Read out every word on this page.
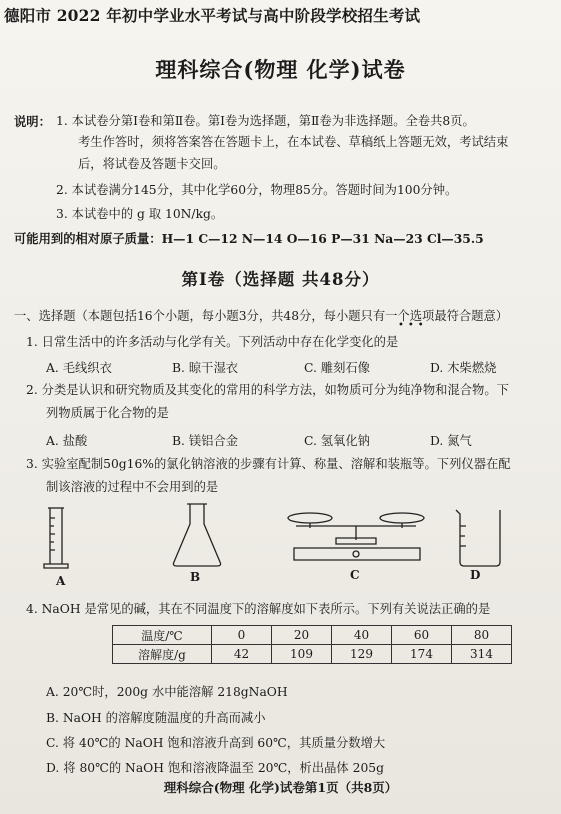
德阳市 2022 年初中学业水平考试与高中阶段学校招生考试
理科综合(物理 化学)试卷
说明： 1. 本试卷分第Ⅰ卷和第Ⅱ卷。第Ⅰ卷为选择题，第Ⅱ卷为非选择题。全卷共8页。
考生作答时，须将答案答在答题卡上，在本试卷、草稿纸上答题无效，考试结束
后，将试卷及答题卡交回。
2. 本试卷满分145分，其中化学60分，物理85分。答题时间为100分钟。
3. 本试卷中的 g 取 10N/kg。
可能用到的相对原子质量：H—1 C—12 N—14 O—16 P—31 Na—23 Cl—35.5
第Ⅰ卷（选择题 共48分）
一、选择题（本题包括16个小题，每小题3分，共48分，每小题只有一个选项最符合题意）
•••
1. 日常生活中的许多活动与化学有关。下列活动中存在化学变化的是
A. 毛线织衣	B. 晾干湿衣	C. 雕刻石像	D. 木柴燃烧
2. 分类是认识和研究物质及其变化的常用的科学方法，如物质可分为纯净物和混合物。下
列物质属于化合物的是
A. 盐酸	B. 镁铝合金	C. 氢氧化钠	D. 氮气
3. 实验室配制50g16%的氯化钠溶液的步骤有计算、称量、溶解和装瓶等。下列仪器在配
制该溶液的过程中不会用到的是
A	B	C	D
4. NaOH 是常见的碱，其在不同温度下的溶解度如下表所示。下列有关说法正确的是
温度/℃	0	20	40	60	80
溶解度/g	42	109	129	174	314
A. 20℃时，200g 水中能溶解 218gNaOH
B. NaOH 的溶解度随温度的升高而减小
C. 将 40℃的 NaOH 饱和溶液升高到 60℃，其质量分数增大
D. 将 80℃的 NaOH 饱和溶液降温至 20℃，析出晶体 205g
理科综合(物理 化学)试卷第1页（共8页）
